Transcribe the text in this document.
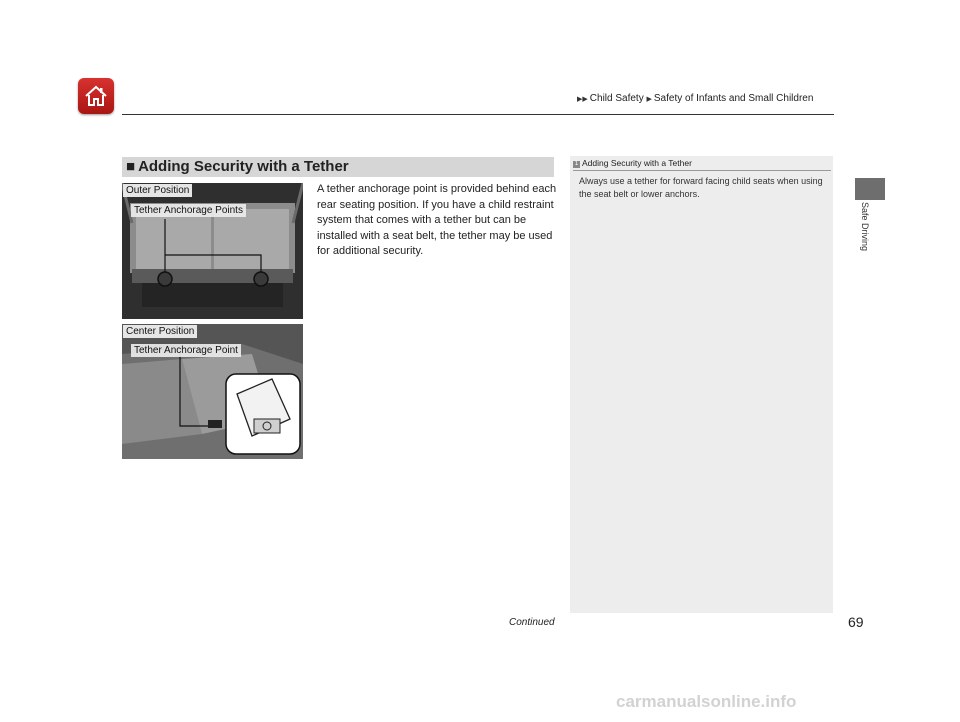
▶▶ Child Safety ▶ Safety of Infants and Small Children
Safe Driving
■ Adding Security with a Tether
A tether anchorage point is provided behind each rear seating position. If you have a child restraint system that comes with a tether but can be installed with a seat belt, the tether may be used for additional security.
Outer Position
Tether Anchorage Points
Center Position
Tether Anchorage Point
1 Adding Security with a Tether
Always use a tether for forward facing child seats when using the seat belt or lower anchors.
Continued	69
carmanualsonline.info
